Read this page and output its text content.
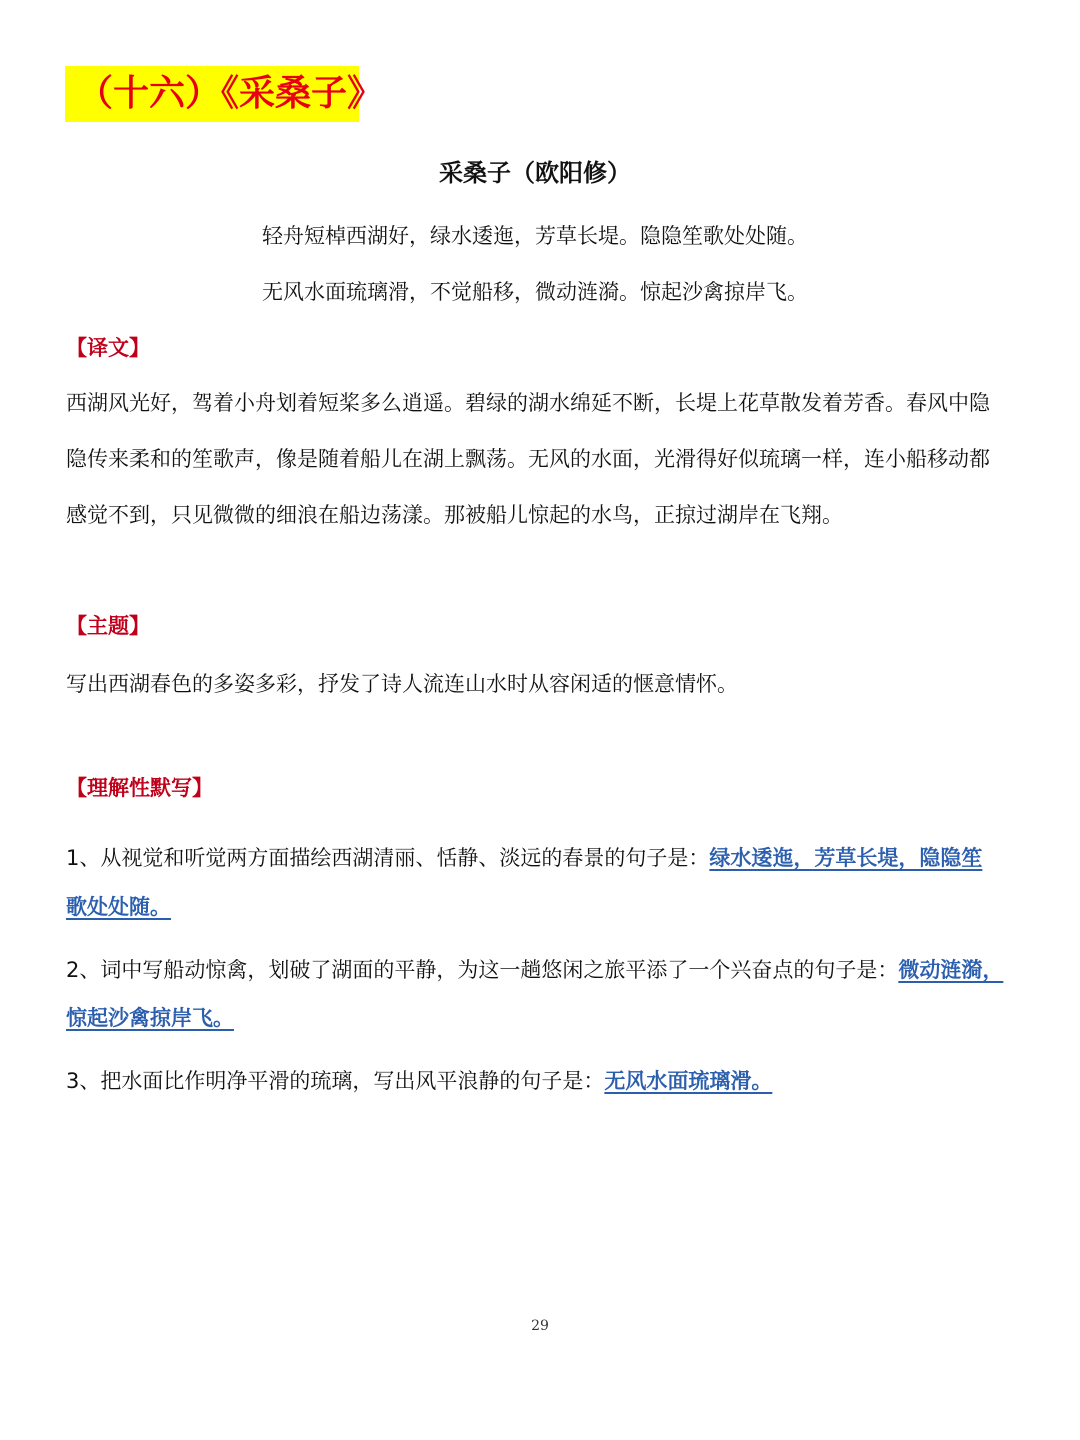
（十六）《采桑子》
采桑子（欧阳修）
轻舟短棹西湖好，绿水逶迤，芳草长堤。隐隐笙歌处处随。
无风水面琉璃滑，不觉船移，微动涟漪。惊起沙禽掠岸飞。
【译文】
西湖风光好，驾着小舟划着短桨多么逍遥。碧绿的湖水绵延不断，长堤上花草散发着芳香。春风中隐
隐传来柔和的笙歌声，像是随着船儿在湖上飘荡。无风的水面，光滑得好似琉璃一样，连小船移动都
感觉不到，只见微微的细浪在船边荡漾。那被船儿惊起的水鸟，正掠过湖岸在飞翔。
【主题】
写出西湖春色的多姿多彩，抒发了诗人流连山水时从容闲适的惬意情怀。
【理解性默写】
1、从视觉和听觉两方面描绘西湖清丽、恬静、淡远的春景的句子是：绿水逶迤，芳草长堤，隐隐笙
歌处处随。
2、词中写船动惊禽，划破了湖面的平静，为这一趟悠闲之旅平添了一个兴奋点的句子是：微动涟漪，
惊起沙禽掠岸飞。
3、把水面比作明净平滑的琉璃，写出风平浪静的句子是：无风水面琉璃滑。
29
